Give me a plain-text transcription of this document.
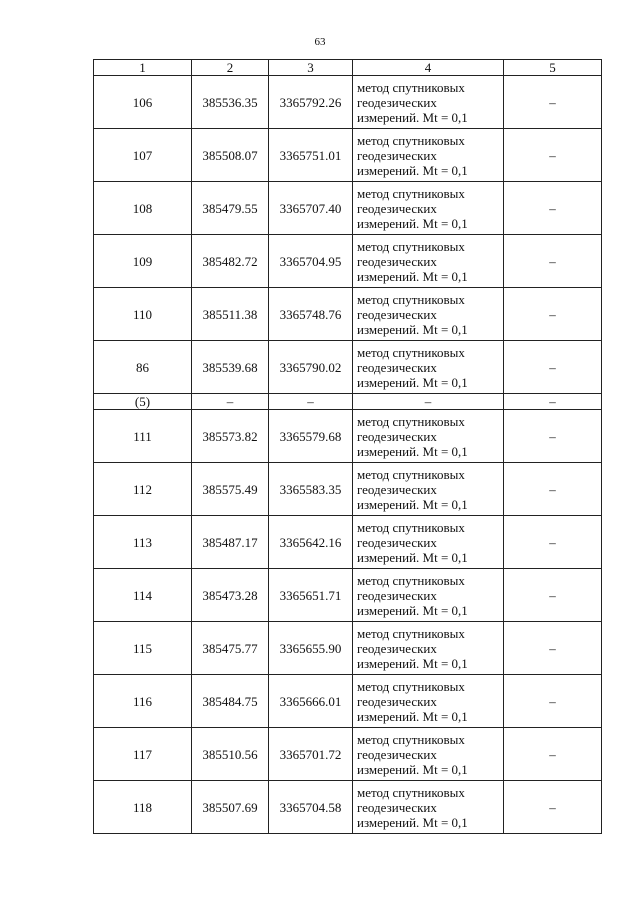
63
1	2	3	4	5
106	385536.35	3365792.26	метод спутниковых
геодезических
измерений. Mt = 0,1	–
107	385508.07	3365751.01	метод спутниковых
геодезических
измерений. Mt = 0,1	–
108	385479.55	3365707.40	метод спутниковых
геодезических
измерений. Mt = 0,1	–
109	385482.72	3365704.95	метод спутниковых
геодезических
измерений. Mt = 0,1	–
110	385511.38	3365748.76	метод спутниковых
геодезических
измерений. Mt = 0,1	–
86	385539.68	3365790.02	метод спутниковых
геодезических
измерений. Mt = 0,1	–
(5)	–	–	–	–
111	385573.82	3365579.68	метод спутниковых
геодезических
измерений. Mt = 0,1	–
112	385575.49	3365583.35	метод спутниковых
геодезических
измерений. Mt = 0,1	–
113	385487.17	3365642.16	метод спутниковых
геодезических
измерений. Mt = 0,1	–
114	385473.28	3365651.71	метод спутниковых
геодезических
измерений. Mt = 0,1	–
115	385475.77	3365655.90	метод спутниковых
геодезических
измерений. Mt = 0,1	–
116	385484.75	3365666.01	метод спутниковых
геодезических
измерений. Mt = 0,1	–
117	385510.56	3365701.72	метод спутниковых
геодезических
измерений. Mt = 0,1	–
118	385507.69	3365704.58	метод спутниковых
геодезических
измерений. Mt = 0,1	–
